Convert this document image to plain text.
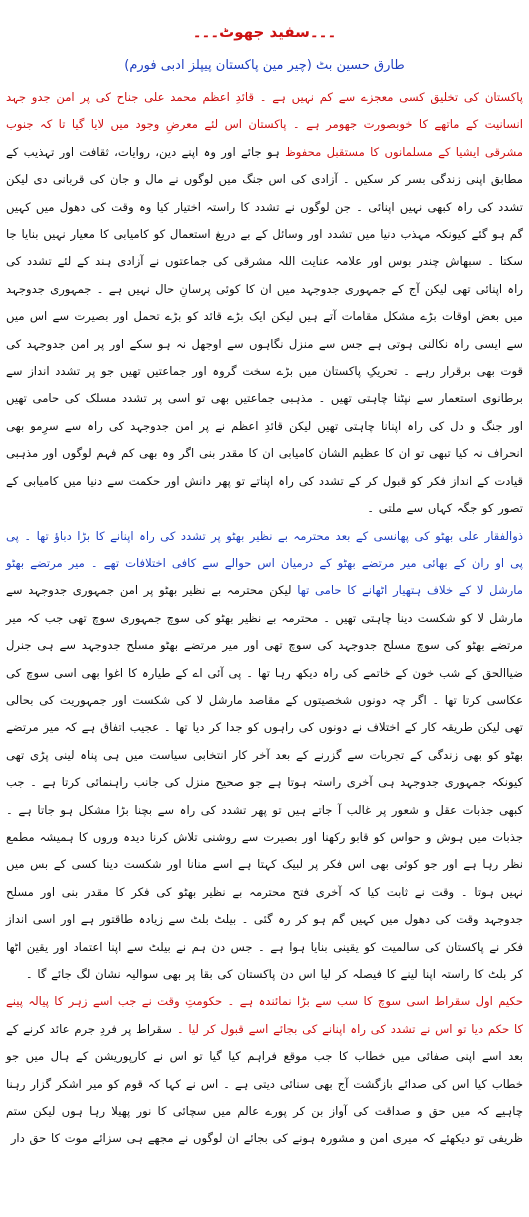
۔۔۔سفید جھوٹ۔۔۔
طارق حسین بٹ (چیر مین پاکستان پیپلز ادبی فورم)

پاکستان کی تخلیق کسی معجزے سے کم نہیں ہے ۔ قائدِ اعظم محمد علی جناح کی پر امن جدو جہد انسانیت کے ماتھے کا خوبصورت جھومر ہے ۔ پاکستان اس لئے معرضِ وجود میں لایا گیا تا کہ جنوب مشرقی ایشیا کے مسلمانوں کا مستقبل محفوظ ہو جائے اور وہ اپنے دین، روایات، ثقافت اور تہذیب کے مطابق اپنی زندگی بسر کر سکیں ۔ آزادی کی اس جنگ میں لوگوں نے مال و جان کی قربانی دی لیکن تشدد کی راہ کبھی نہیں اپنائی ۔ جن لوگوں نے تشدد کا راستہ اختیار کیا وہ وقت کی دھول میں کہیں گم ہو گئے کیونکہ مہذب دنیا میں تشدد اور وسائل کے بے دریغ استعمال کو کامیابی کا معیار نہیں بنایا جا سکتا ۔ سبھاش چندر بوس اور علامہ عنایت اللہ مشرقی کی جماعتوں نے آزادی ہند کے لئے تشدد کی راہ اپنائی تھی لیکن آج کے جمہوری جدوجہد میں ان کا کوئی پرسانِ حال نہیں ہے ۔ جمہوری جدوجہد میں بعض اوقات بڑے مشکل مقامات آتے ہیں لیکن ایک بڑے قائد کو بڑے تحمل اور بصیرت سے اس میں سے ایسی راہ نکالنی ہوتی ہے جس سے منزل نگاہوں سے اوجھل نہ ہو سکے اور پر امن جدوجہد کی قوت بھی برقرار رہے ۔ تحریکِ پاکستان میں بڑے سخت گروہ اور جماعتیں تھیں جو پر تشدد انداز سے برطانوی استعمار سے نپٹنا چاہتی تھیں ۔ مذہبی جماعتیں بھی تو اسی پر تشدد مسلک کی حامی تھیں اور جنگ و دل کی راہ اپنانا چاہتی تھیں لیکن قائدِ اعظم نے پر امن جدوجہد کی راہ سے سرِمو بھی انحراف نہ کیا تبھی تو ان کا عظیم الشان کامیابی ان کا مقدر بنی اگر وہ بھی کم فہم لوگوں اور مذہبی قیادت کے انداز فکر کو قبول کر کے تشدد کی راہ اپناتے تو پھر دانش اور حکمت سے دنیا میں کامیابی کے تصور کو جگہ کہاں سے ملتی ۔

ذوالفقار علی بھٹو کی پھانسی کے بعد محترمہ بے نظیر بھٹو پر تشدد کی راہ اپنانے کا بڑا دباؤ تھا ۔ پی پی او ران کے بھائی میر مرتضے بھٹو کے درمیان اس حوالے سے کافی اختلافات تھے ۔ میر مرتضے بھٹو مارشل لا کے خلاف ہتھیار اٹھانے کا حامی تھا لیکن محترمہ بے نظیر بھٹو پر امن جمہوری جدوجہد سے مارشل لا کو شکست دینا چاہتی تھیں ۔ محترمہ بے نظیر بھٹو کی سوچ جمہوری سوچ تھی جب کہ میر مرتضے بھٹو کی سوچ مسلح جدوجہد کی سوچ تھی اور میر مرتضے بھٹو مسلح جدوجہد سے ہی جنرل ضیاالحق کے شب خون کے خاتمے کی راہ دیکھ رہا تھا ۔ پی آئی اے کے طیارہ کا اغوا بھی اسی سوچ کی عکاسی کرتا تھا ۔ اگر چہ دونوں شخصیتوں کے مقاصد مارشل لا کی شکست اور جمہوریت کی بحالی تھی لیکن طریقہ کار کے اختلاف نے دونوں کی راہوں کو جدا کر دیا تھا ۔ عجیب اتفاق ہے کہ میر مرتضے بھٹو کو بھی زندگی کے تجربات سے گزرنے کے بعد آخر کار انتخابی سیاست میں ہی پناہ لینی پڑی تھی کیونکہ جمہوری جدوجہد ہی آخری راستہ ہوتا ہے جو صحیح منزل کی جانب راہنمائی کرتا ہے ۔ جب کبھی جذبات عقل و شعور پر غالب آ جاتے ہیں تو پھر تشدد کی راہ سے بچنا بڑا مشکل ہو جاتا ہے ۔ جذبات میں ہوش و حواس کو قابو رکھنا اور بصیرت سے روشنی تلاش کرنا دیدہ وروں کا ہمیشہ مطمع نظر رہا ہے اور جو کوئی بھی اس فکر پر لبیک کہتا ہے اسے منانا اور شکست دینا کسی کے بس میں نہیں ہوتا ۔ وقت نے ثابت کیا کہ آخری فتح محترمہ بے نظیر بھٹو کی فکر کا مقدر بنی اور مسلح جدوجہد وقت کی دھول میں کہیں گم ہو کر رہ گئی ۔ بیلٹ بلٹ سے زیادہ طاقتور ہے اور اسی انداز فکر نے پاکستان کی سالمیت کو یقینی بنایا ہوا ہے ۔ جس دن ہم نے بیلٹ سے اپنا اعتماد اور یقین اٹھا کر بلٹ کا راستہ اپنا لینے کا فیصلہ کر لیا اس دن پاکستان کی بقا پر بھی سوالیہ نشان لگ جائے گا ۔

حکیم اول سقراط اسی سوچ کا سب سے بڑا نمائندہ ہے ۔ حکومتِ وقت نے جب اسے زہر کا پیالہ پینے کا حکم دیا تو اس نے تشدد کی راہ اپنانے کی بجائے اسے قبول کر لیا ۔ سقراط پر فردِ جرم عائد کرنے کے بعد اسے اپنی صفائی میں خطاب کا جب موقع فراہم کیا گیا تو اس نے کارپوریشن کے ہال میں جو خطاب کیا اس کی صدائے بازگشت آج بھی سنائی دیتی ہے ۔ اس نے کہا کہ قوم کو میر اشکر گزار رہنا چاہیے کہ میں حق و صداقت کی آواز بن کر پورے عالم میں سچائی کا نور پھیلا رہا ہوں لیکن ستم ظریفی تو دیکھئے کہ میری امن و مشورہ ہونے کی بجائے ان لوگوں نے مجھے ہی سزائے موت کا حق دار
